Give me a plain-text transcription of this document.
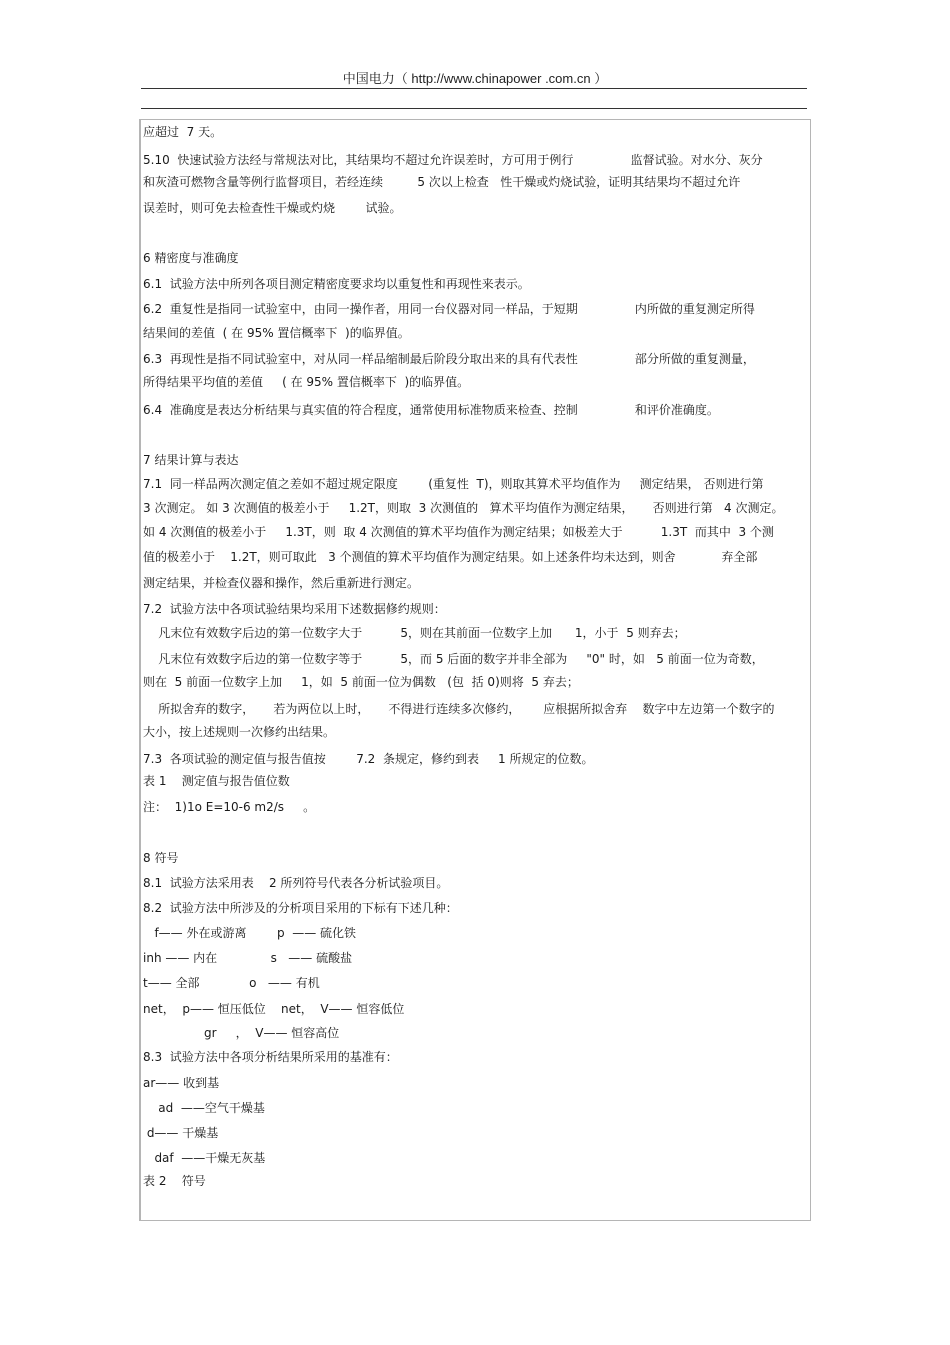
中国电力（ http://www.chinapower .com.cn ）
应超过  7 天。
5.10  快速试验方法经与常规法对比，其结果均不超过允许误差时，方可用于例行               监督试验。对水分、灰分
和灰渣可燃物含量等例行监督项目，若经连续         5 次以上检查   性干燥或灼烧试验，证明其结果均不超过允许
误差时，则可免去检查性干燥或灼烧        试验。
6 精密度与准确度
6.1  试验方法中所列各项目测定精密度要求均以重复性和再现性来表示。
6.2  重复性是指同一试验室中，由同一操作者，用同一台仪器对同一样品，于短期               内所做的重复测定所得
结果间的差值  ( 在 95% 置信概率下  )的临界值。
6.3  再现性是指不同试验室中，对从同一样品缩制最后阶段分取出来的具有代表性               部分所做的重复测量，
所得结果平均值的差值     ( 在 95% 置信概率下  )的临界值。
6.4  准确度是表达分析结果与真实值的符合程度，通常使用标准物质来检查、控制               和评价准确度。
7 结果计算与表达
7.1  同一样品两次测定值之差如不超过规定限度        (重复性  T)，则取其算术平均值作为     测定结果， 否则进行第
3 次测定。 如 3 次测值的极差小于     1.2T，则取  3 次测值的   算术平均值作为测定结果，     否则进行第   4 次测定。
如 4 次测值的极差小于     1.3T，则  取 4 次测值的算术平均值作为测定结果；如极差大于          1.3T  而其中  3 个测
值的极差小于    1.2T，则可取此   3 个测值的算术平均值作为测定结果。如上述条件均未达到，则舍            弃全部
测定结果，并检查仪器和操作，然后重新进行测定。
7.2  试验方法中各项试验结果均采用下述数据修约规则：
凡末位有效数字后边的第一位数字大于          5，则在其前面一位数字上加      1，小于  5 则弃去；
凡末位有效数字后边的第一位数字等于          5，而 5 后面的数字并非全部为     "0" 时，如   5 前面一位为奇数，
则在  5 前面一位数字上加     1，如  5 前面一位为偶数   (包  括 0)则将  5 弃去；
所拟舍弃的数字，     若为两位以上时，     不得进行连续多次修约，      应根据所拟舍弃    数字中左边第一个数字的
大小，按上述规则一次修约出结果。
7.3  各项试验的测定值与报告值按        7.2  条规定，修约到表     1 所规定的位数。
表 1    测定值与报告值位数
注：  1)1o E=10-6 m2/s     。
8 符号
8.1  试验方法采用表    2 所列符号代表各分析试验项目。
8.2  试验方法中所涉及的分析项目采用的下标有下述几种：
f—— 外在或游离        p  —— 硫化铁
inh —— 内在              s   —— 硫酸盐
t—— 全部             o   —— 有机
net，  p—— 恒压低位    net，  V—— 恒容低位
gr     ，  V—— 恒容高位
8.3  试验方法中各项分析结果所采用的基准有：
ar—— 收到基
ad  ——空气干燥基
d—— 干燥基
daf  ——干燥无灰基
表 2    符号
